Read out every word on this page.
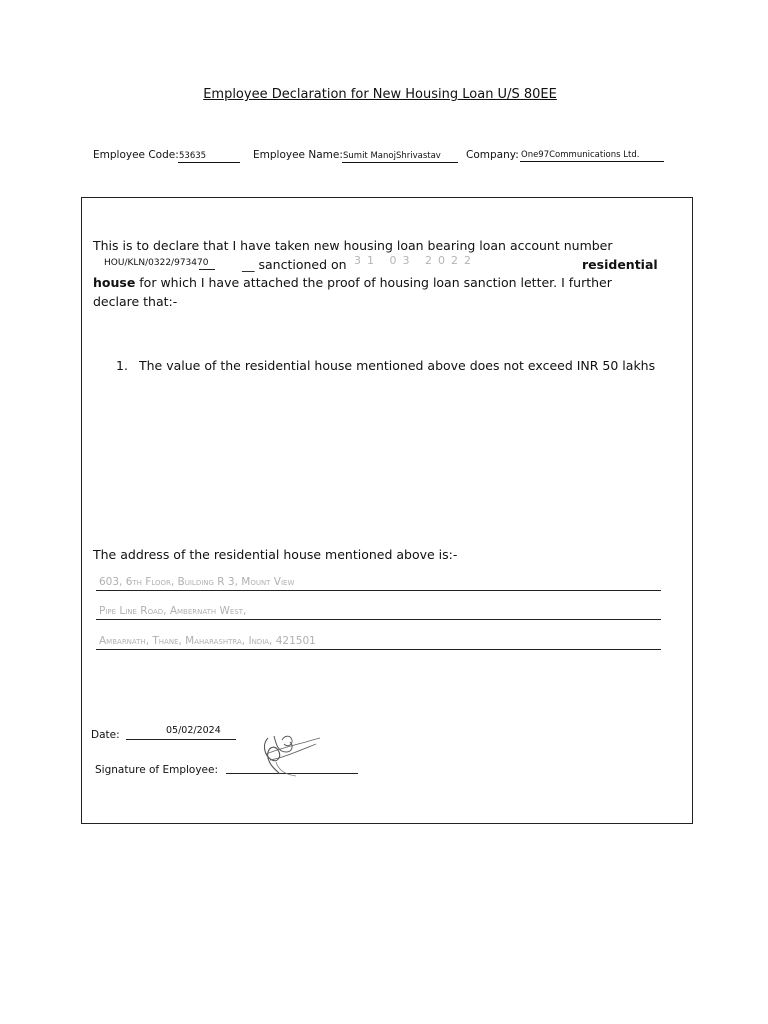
Employee Declaration for New Housing Loan U/S 80EE
Employee Code: 53635	Employee Name: Sumit ManojShrivastav	Company: One97Communications Ltd.
This is to declare that I have taken new housing loan bearing loan account number
HOU/KLN/0322/973470	__ sanctioned on 31 03 2022	residential
house for which I have attached the proof of housing loan sanction letter. I further
declare that:-
1. The value of the residential house mentioned above does not exceed INR 50 lakhs
The address of the residential house mentioned above is:-
603, 6th Floor, Building R 3, Mount View
Pipe Line Road, Ambernath West,
Ambarnath, Thane, Maharashtra, India, 421501
Date:	05/02/2024
Signature of Employee:
